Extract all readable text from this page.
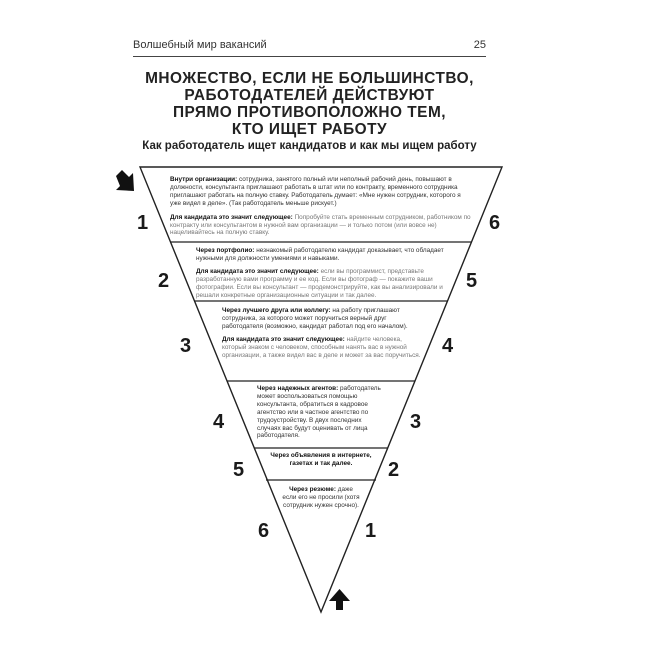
Волшебный мир вакансий	25
МНОЖЕСТВО, ЕСЛИ НЕ БОЛЬШИНСТВО,
РАБОТОДАТЕЛЕЙ ДЕЙСТВУЮТ
ПРЯМО ПРОТИВОПОЛОЖНО ТЕМ,
КТО ИЩЕТ РАБОТУ
Как работодатель ищет кандидатов и как мы ищем работу

Внутри организации: сотрудника, занятого полный или неполный рабочий день, повышают в должности, консультанта приглашают работать в штат или по контракту, временного сотрудника приглашают работать на полную ставку. Работодатель думает: «Мне нужен сотрудник, которого я уже видел в деле». (Так работодатель меньше рискует.)

Для кандидата это значит следующее: Попробуйте стать временным сотрудником, работником по контракту или консультантом в нужной вам организации — и только потом (или вовсе не) нацеливайтесь на полную ставку.

Через портфолио: незнакомый работодателю кандидат доказывает, что обладает нужными для должности умениями и навыками.

Для кандидата это значит следующее: если вы программист, представьте разработанную вами программу и ее код. Если вы фотограф — покажите ваши фотографии. Если вы консультант — продемонстрируйте, как вы анализировали и решали конкретные организационные ситуации и так далее.

Через лучшего друга или коллегу: на работу приглашают сотрудника, за которого может поручиться верный друг работодателя (возможно, кандидат работал под его началом).

Для кандидата это значит следующее: найдите человека, который знаком с человеком, способным нанять вас в нужной организации, а также видел вас в деле и может за вас поручиться.

Через надежных агентов: работодатель может воспользоваться помощью консультанта, обратиться в кадровое агентство или в частное агентство по трудоустройству. В двух последних случаях вас будут оценивать от лица работодателя.

Через объявления в интернете, газетах и так далее.

Через резюме: даже если его не просили (хотя сотрудник нужен срочно).

1
2
3
4
5
6
6
5
4
3
2
1
